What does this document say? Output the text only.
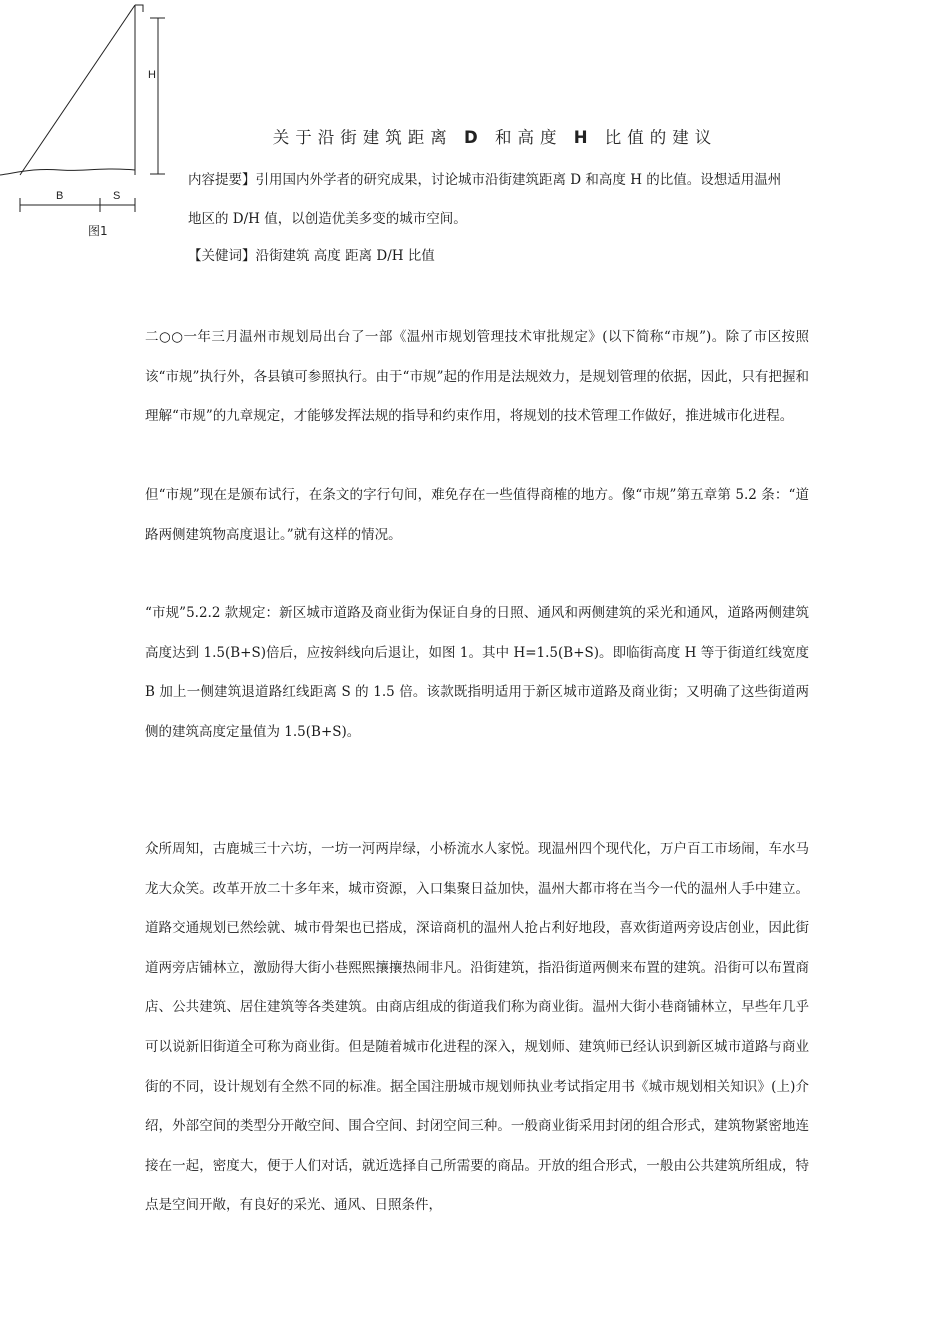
H
B	S
图1
关于沿街建筑距离 D 和高度 H 比值的建议

内容提要】引用国内外学者的研究成果，讨论城市沿街建筑距离 D 和高度 H 的比值。设想适用温州

地区的 D/H 值，以创造优美多变的城市空间。

【关健词】沿街建筑 高度 距离 D/H 比值

二○○一年三月温州市规划局出台了一部《温州市规划管理技术审批规定》(以下简称“市规”)。除了市区按照该“市规”执行外，各县镇可参照执行。由于“市规”起的作用是法规效力，是规划管理的依据，因此，只有把握和理解“市规”的九章规定，才能够发挥法规的指导和约束作用，将规划的技术管理工作做好，推进城市化进程。

但“市规”现在是颁布试行，在条文的字行句间，难免存在一些值得商榷的地方。像“市规”第五章第 5.2 条：“道路两侧建筑物高度退让。”就有这样的情况。

“市规”5.2.2 款规定：新区城市道路及商业街为保证自身的日照、通风和两侧建筑的采光和通风，道路两侧建筑高度达到 1.5(B+S)倍后，应按斜线向后退让，如图 1。其中 H=1.5(B+S)。即临街高度 H 等于街道红线宽度 B 加上一侧建筑退道路红线距离 S 的 1.5 倍。该款既指明适用于新区城市道路及商业街；又明确了这些街道两侧的建筑高度定量值为 1.5(B+S)。

众所周知，古鹿城三十六坊，一坊一河两岸绿，小桥流水人家悦。现温州四个现代化，万户百工市场闹，车水马龙大众笑。改革开放二十多年来，城市资源，入口集聚日益加快，温州大都市将在当今一代的温州人手中建立。道路交通规划已然绘就、城市骨架也已搭成，深谙商机的温州人抢占利好地段，喜欢街道两旁设店创业，因此街道两旁店铺林立，激励得大街小巷熙熙攘攘热闹非凡。沿街建筑，指沿街道两侧来布置的建筑。沿街可以布置商店、公共建筑、居住建筑等各类建筑。由商店组成的街道我们称为商业街。温州大街小巷商铺林立，早些年几乎可以说新旧街道全可称为商业街。但是随着城市化进程的深入，规划师、建筑师已经认识到新区城市道路与商业街的不同，设计规划有全然不同的标准。据全国注册城市规划师执业考试指定用书《城市规划相关知识》(上)介绍，外部空间的类型分开敞空间、围合空间、封闭空间三种。一般商业街采用封闭的组合形式，建筑物紧密地连接在一起，密度大，便于人们对话，就近选择自己所需要的商品。开放的组合形式，一般由公共建筑所组成，特点是空间开敞，有良好的采光、通风、日照条件，
